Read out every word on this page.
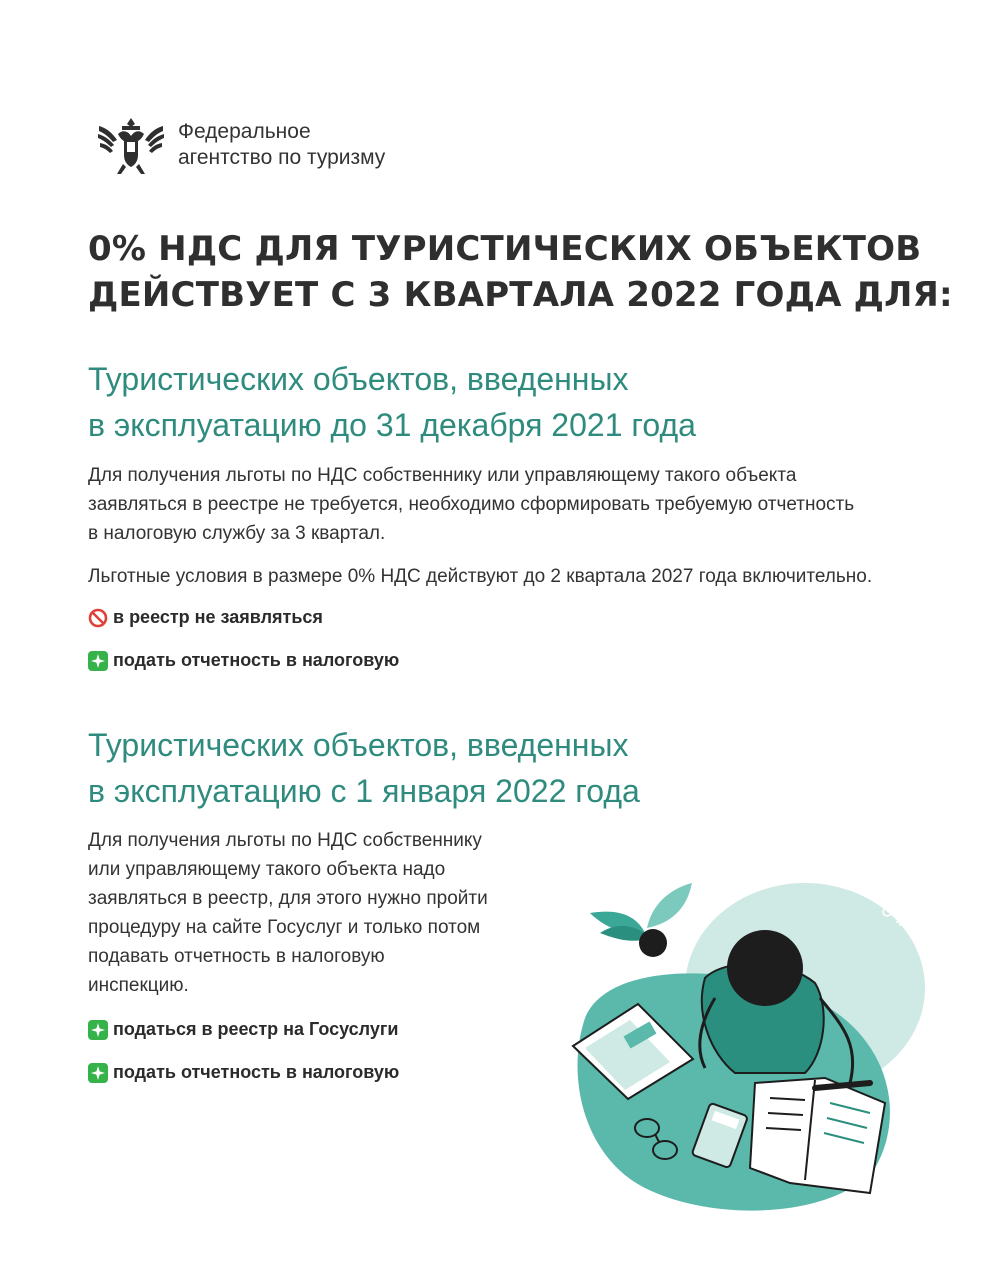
Федеральное
агентство по туризму
0% НДС ДЛЯ ТУРИСТИЧЕСКИХ ОБЪЕКТОВ
ДЕЙСТВУЕТ С 3 КВАРТАЛА 2022 ГОДА ДЛЯ:
Туристических объектов, введенных
в эксплуатацию до 31 декабря 2021 года
Для получения льготы по НДС собственнику или управляющему такого объекта
заявляться в реестре не требуется, необходимо сформировать требуемую отчетность
в налоговую службу за 3 квартал.
Льготные условия в размере 0% НДС действуют до 2 квартала 2027 года включительно.
в реестр не заявляться
подать отчетность в налоговую
Туристических объектов, введенных
в эксплуатацию с 1 января 2022 года
Для получения льготы по НДС собственнику
или управляющему такого объекта надо
заявляться в реестр, для этого нужно пройти
процедуру на сайте Госуслуг и только потом
подавать отчетность в налоговую
инспекцию.
податься в реестр на Госуслуги
подать отчетность в налоговую
